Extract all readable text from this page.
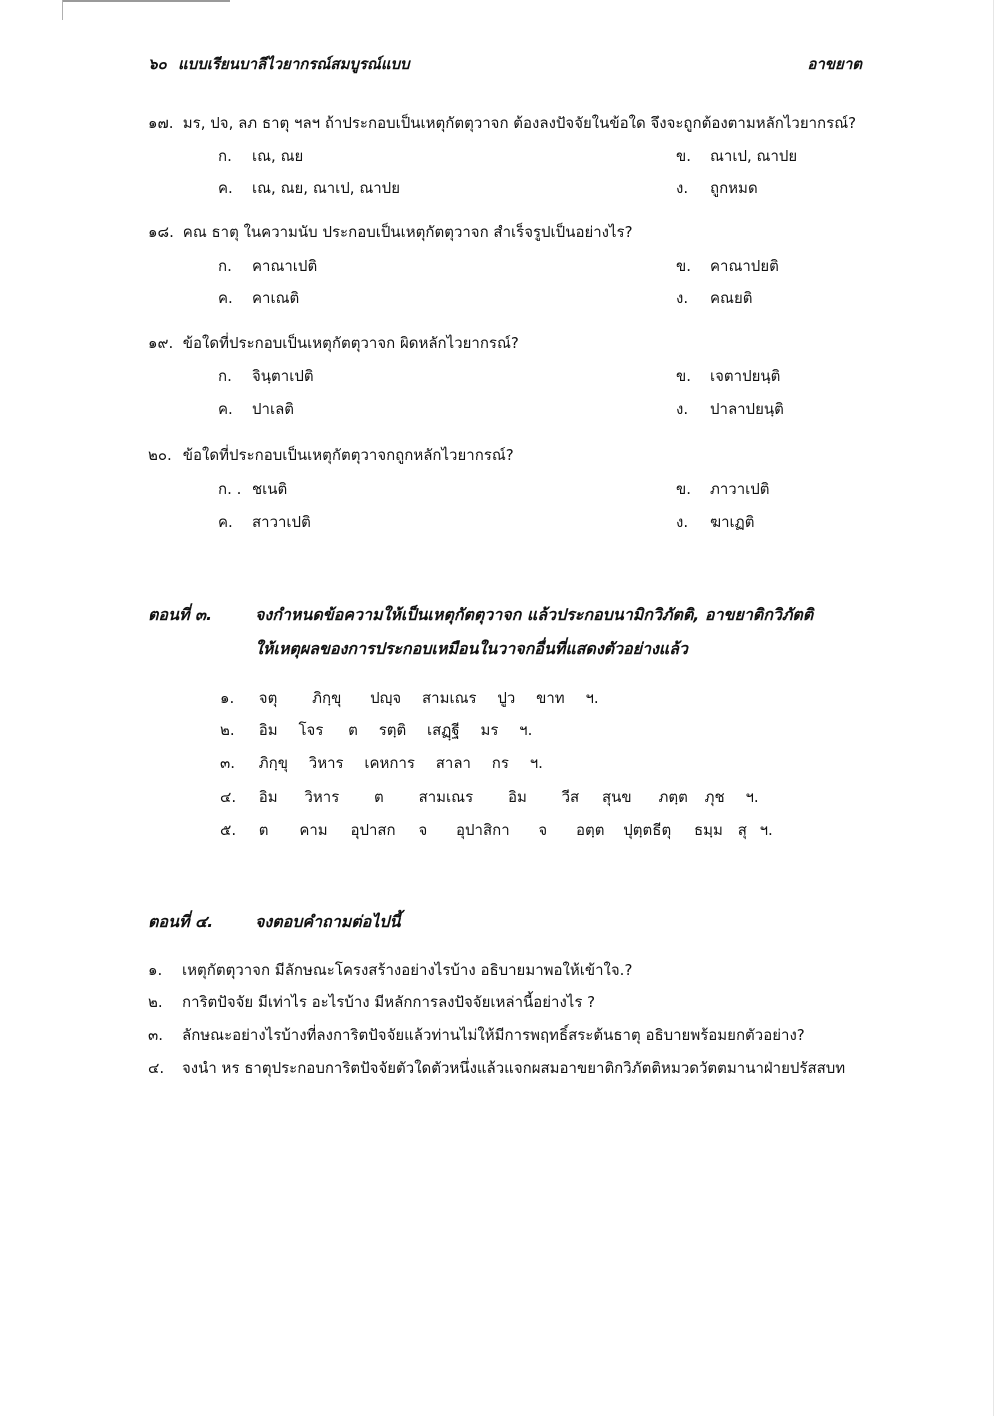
๖๐ แบบเรียนบาลีไวยากรณ์สมบูรณ์แบบ	อาขยาต
๑๗. มร, ปจ, ลภ ธาตุ ฯลฯ ถ้าประกอบเป็นเหตุกัตตุวาจก ต้องลงปัจจัยในข้อใด จึงจะถูกต้องตามหลักไวยากรณ์?
ก. เณ, ณย	ข. ณาเป, ณาปย
ค. เณ, ณย, ณาเป, ณาปย	ง. ถูกหมด
๑๘. คณ ธาตุ ในความนับ ประกอบเป็นเหตุกัตตุวาจก สำเร็จรูปเป็นอย่างไร?
ก. คาณาเปติ	ข. คาณาปยติ
ค. คาเณติ	ง. คณยติ
๑๙. ข้อใดที่ประกอบเป็นเหตุกัตตุวาจก ผิดหลักไวยากรณ์?
ก. จินฺตาเปติ	ข. เจตาปยนฺติ
ค. ปาเลติ	ง. ปาลาปยนฺติ
๒๐. ข้อใดที่ประกอบเป็นเหตุกัตตุวาจกถูกหลักไวยากรณ์?
ก. . ชเนติ	ข. ภาวาเปติ
ค. สาวาเปติ	ง. ฆาเฏติ
ตอนที่ ๓.	จงกำหนดข้อความให้เป็นเหตุกัตตุวาจก แล้วประกอบนามิกวิภัตติ, อาขยาติกวิภัตติ
ให้เหตุผลของการประกอบเหมือนในวาจกอื่นที่แสดงตัวอย่างแล้ว
๑. จตุ ภิกฺขุ ปญฺจ สามเณร ปูว ขาท ฯ.
๒. อิม โจร ต รตฺติ เสฏฺฐี มร ฯ.
๓. ภิกฺขุ วิหาร เคหการ สาลา กร ฯ.
๔. อิม วิหาร ต สามเณร อิม วีส สุนข ภตฺต ภุช ฯ.
๕. ต คาม อุปาสก จ อุปาสิกา จ อตฺต ปุตฺตธีตุ ธมฺม สุ ฯ.
ตอนที่ ๔.	จงตอบคำถามต่อไปนี้
๑. เหตุกัตตุวาจก มีลักษณะโครงสร้างอย่างไรบ้าง อธิบายมาพอให้เข้าใจ.?
๒. การิตปัจจัย มีเท่าไร อะไรบ้าง มีหลักการลงปัจจัยเหล่านี้อย่างไร ?
๓. ลักษณะอย่างไรบ้างที่ลงการิตปัจจัยแล้วท่านไม่ให้มีการพฤทธิ์สระต้นธาตุ อธิบายพร้อมยกตัวอย่าง?
๔. จงนำ หร ธาตุประกอบการิตปัจจัยตัวใดตัวหนึ่งแล้วแจกผสมอาขยาติกวิภัตติหมวดวัตตมานาฝ่ายปรัสสบท
